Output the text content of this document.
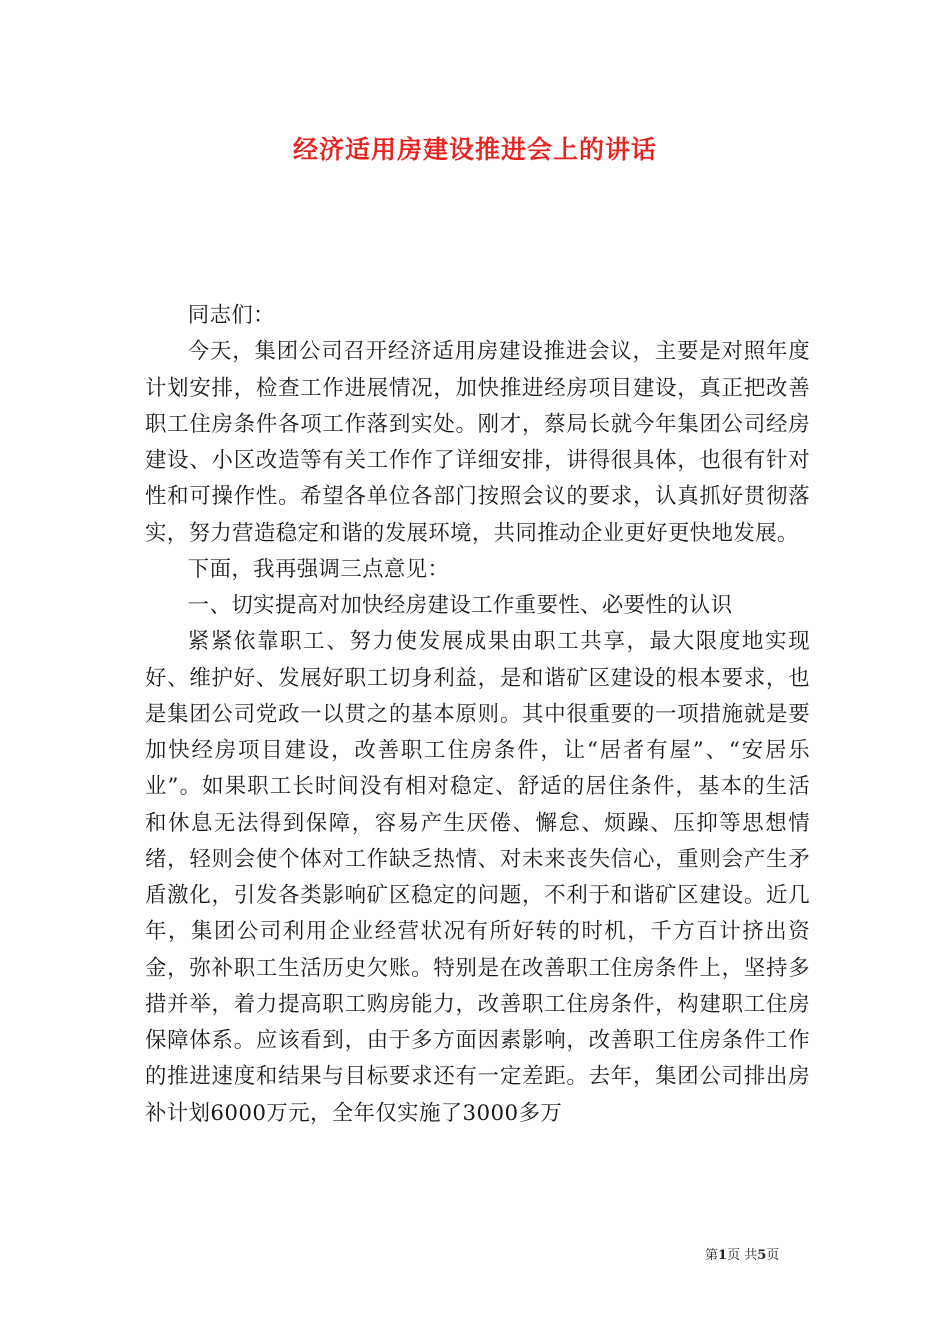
经济适用房建设推进会上的讲话

同志们：

今天，集团公司召开经济适用房建设推进会议，主要是对照年度计划安排，检查工作进展情况，加快推进经房项目建设，真正把改善职工住房条件各项工作落到实处。刚才，蔡局长就今年集团公司经房建设、小区改造等有关工作作了详细安排，讲得很具体，也很有针对性和可操作性。希望各单位各部门按照会议的要求，认真抓好贯彻落实，努力营造稳定和谐的发展环境，共同推动企业更好更快地发展。

下面，我再强调三点意见：

一、切实提高对加快经房建设工作重要性、必要性的认识

紧紧依靠职工、努力使发展成果由职工共享，最大限度地实现好、维护好、发展好职工切身利益，是和谐矿区建设的根本要求，也是集团公司党政一以贯之的基本原则。其中很重要的一项措施就是要加快经房项目建设，改善职工住房条件，让“居者有屋”、“安居乐业”。如果职工长时间没有相对稳定、舒适的居住条件，基本的生活和休息无法得到保障，容易产生厌倦、懈怠、烦躁、压抑等思想情绪，轻则会使个体对工作缺乏热情、对未来丧失信心，重则会产生矛盾激化，引发各类影响矿区稳定的问题，不利于和谐矿区建设。近几年，集团公司利用企业经营状况有所好转的时机，千方百计挤出资金，弥补职工生活历史欠账。特别是在改善职工住房条件上，坚持多措并举，着力提高职工购房能力，改善职工住房条件，构建职工住房保障体系。应该看到，由于多方面因素影响，改善职工住房条件工作的推进速度和结果与目标要求还有一定差距。去年，集团公司排出房补计划6000万元，全年仅实施了3000多万

第1页 共5页
